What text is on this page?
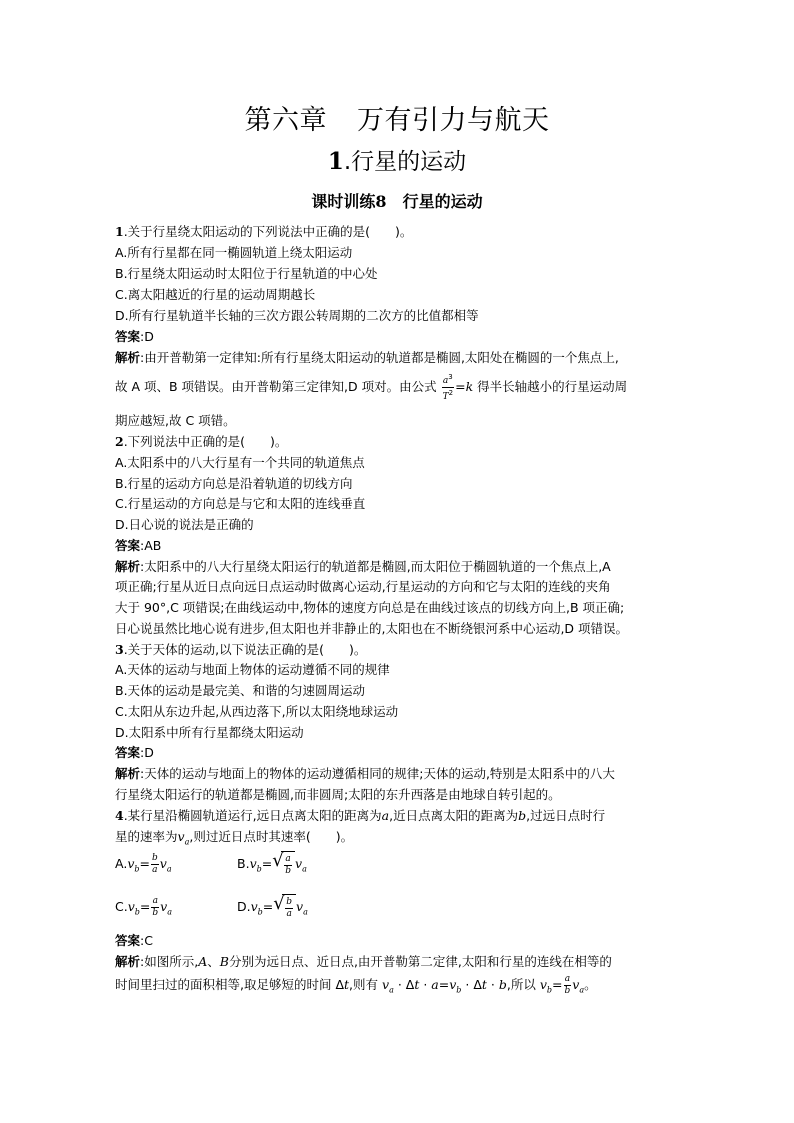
第六章 万有引力与航天
1.行星的运动
课时训练8 行星的运动
1.关于行星绕太阳运动的下列说法中正确的是(　　)。
A.所有行星都在同一椭圆轨道上绕太阳运动
B.行星绕太阳运动时太阳位于行星轨道的中心处
C.离太阳越近的行星的运动周期越长
D.所有行星轨道半长轴的三次方跟公转周期的二次方的比值都相等
答案:D
解析:由开普勒第一定律知:所有行星绕太阳运动的轨道都是椭圆,太阳处在椭圆的一个焦点上,
故 A 项、B 项错误。由开普勒第三定律知,D 项对。由公式 $\frac{a^3}{T^2} =k$ 得半长轴越小的行星运动周
期应越短,故 C 项错。
2.下列说法中正确的是(　　)。
A.太阳系中的八大行星有一个共同的轨道焦点
B.行星的运动方向总是沿着轨道的切线方向
C.行星运动的方向总是与它和太阳的连线垂直
D.日心说的说法是正确的
答案:AB
解析:太阳系中的八大行星绕太阳运行的轨道都是椭圆,而太阳位于椭圆轨道的一个焦点上,A
项正确;行星从近日点向远日点运动时做离心运动,行星运动的方向和它与太阳的连线的夹角
大于 90°,C 项错误;在曲线运动中,物体的速度方向总是在曲线过该点的切线方向上,B 项正确;
日心说虽然比地心说有进步,但太阳也并非静止的,太阳也在不断绕银河系中心运动,D 项错误。
3.关于天体的运动,以下说法正确的是(　　)。
A.天体的运动与地面上物体的运动遵循不同的规律
B.天体的运动是最完美、和谐的匀速圆周运动
C.太阳从东边升起,从西边落下,所以太阳绕地球运动
D.太阳系中所有行星都绕太阳运动
答案:D
解析:天体的运动与地面上的物体的运动遵循相同的规律;天体的运动,特别是太阳系中的八大
行星绕太阳运行的轨道都是椭圆,而非圆周;太阳的东升西落是由地球自转引起的。
4.某行星沿椭圆轨道运行,远日点离太阳的距离为a,近日点离太阳的距离为b,过远日点时行
星的速率为$v_a$,则过近日点时其速率(　　)。
$A.v_b= \frac{b}{a} v_a$	$B.v_b=$ √ $\frac{a}{b} v_a$
$C.v_b= \frac{a}{b} v_a$	$D.v_b=$ √ $\frac{b}{a} v_a$
答案:C
解析:如图所示,A、B分别为远日点、近日点,由开普勒第二定律,太阳和行星的连线在相等的
时间里扫过的面积相等,取足够短的时间 Δt,则有 $v_a \cdot \Delta t \cdot a=v_b \cdot \Delta t \cdot b$,所以 $v_b= \frac{a}{b} v_a$。
